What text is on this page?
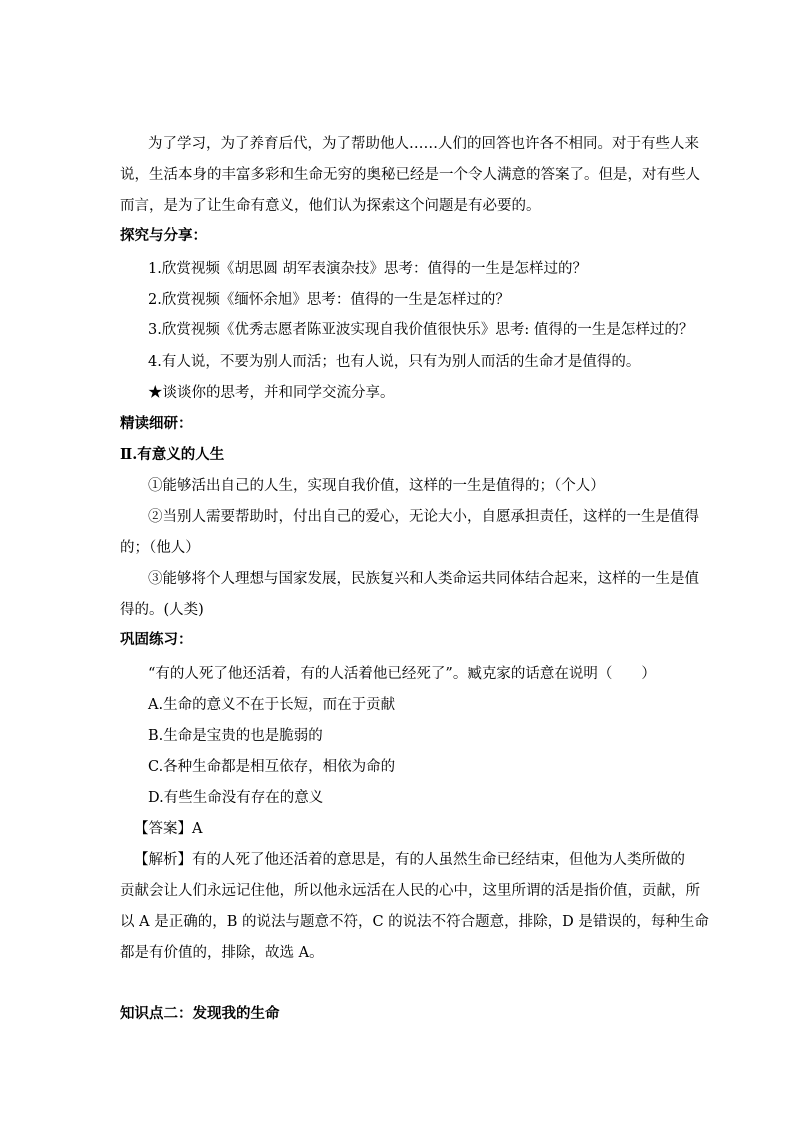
为了学习，为了养育后代，为了帮助他人……人们的回答也许各不相同。对于有些人来
说，生活本身的丰富多彩和生命无穷的奥秘已经是一个令人满意的答案了。但是，对有些人
而言，是为了让生命有意义，他们认为探索这个问题是有必要的。
探究与分享：
1.欣赏视频《胡思圆 胡军表演杂技》思考：值得的一生是怎样过的？
2.欣赏视频《缅怀余旭》思考：值得的一生是怎样过的？
3.欣赏视频《优秀志愿者陈亚波实现自我价值很快乐》思考: 值得的一生是怎样过的？
4.有人说，不要为别人而活；也有人说，只有为别人而活的生命才是值得的。
★谈谈你的思考，并和同学交流分享。
精读细研：
Ⅱ.有意义的人生
①能够活出自己的人生，实现自我价值，这样的一生是值得的；（个人）
②当别人需要帮助时，付出自己的爱心，无论大小，自愿承担责任，这样的一生是值得
的；（他人）
③能够将个人理想与国家发展，民族复兴和人类命运共同体结合起来，这样的一生是值
得的。(人类)
巩固练习：
“有的人死了他还活着，有的人活着他已经死了”。臧克家的话意在说明（　　）
A.生命的意义不在于长短，而在于贡献
B.生命是宝贵的也是脆弱的
C.各种生命都是相互依存，相依为命的
D.有些生命没有存在的意义
【答案】A
【解析】有的人死了他还活着的意思是，有的人虽然生命已经结束，但他为人类所做的
贡献会让人们永远记住他，所以他永远活在人民的心中，这里所谓的活是指价值，贡献，所
以 A 是正确的，B 的说法与题意不符，C 的说法不符合题意，排除，D 是错误的，每种生命
都是有价值的，排除，故选 A。
知识点二：发现我的生命
